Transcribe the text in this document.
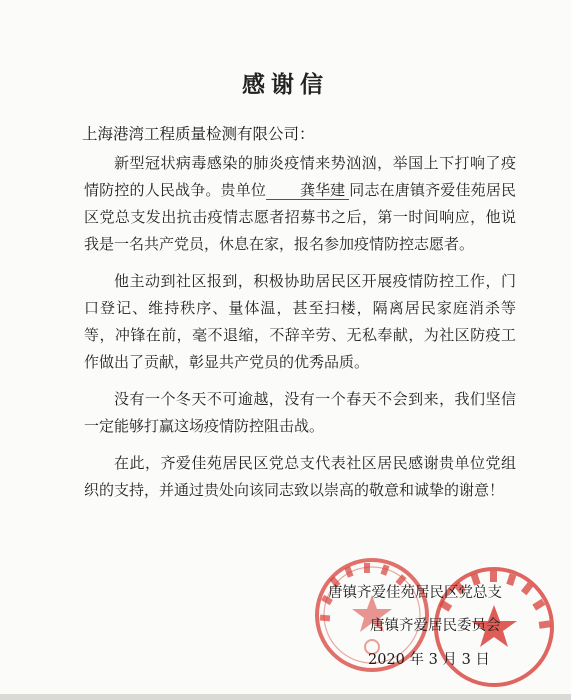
感谢信
上海港湾工程质量检测有限公司：

新型冠状病毒感染的肺炎疫情来势汹汹，举国上下打响了疫情防控的人民战争。贵单位 龚华建 同志在唐镇齐爱佳苑居民区党总支发出抗击疫情志愿者招募书之后，第一时间响应，他说我是一名共产党员，休息在家，报名参加疫情防控志愿者。

他主动到社区报到，积极协助居民区开展疫情防控工作，门口登记、维持秩序、量体温，甚至扫楼，隔离居民家庭消杀等等，冲锋在前，毫不退缩，不辞辛劳、无私奉献，为社区防疫工作做出了贡献，彰显共产党员的优秀品质。

没有一个冬天不可逾越，没有一个春天不会到来，我们坚信一定能够打赢这场疫情防控阻击战。

在此，齐爱佳苑居民区党总支代表社区居民感谢贵单位党组织的支持，并通过贵处向该同志致以崇高的敬意和诚挚的谢意！

唐镇齐爱佳苑居民区党总支
唐镇齐爱居民委员会
2020 年 3 月 3 日
